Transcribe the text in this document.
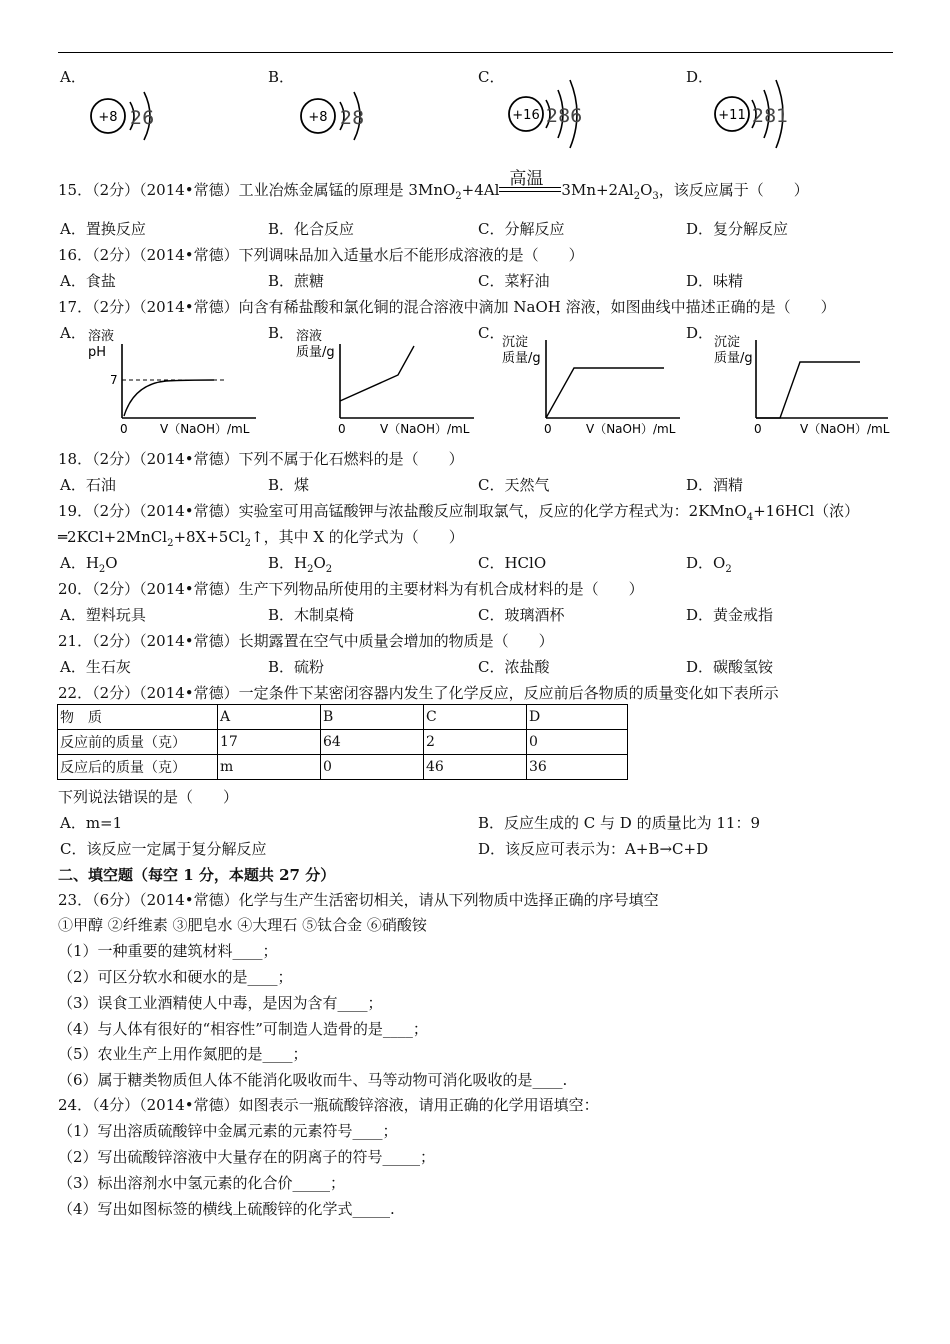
A．	B．	C．	D．
+8 26	+8 28	+16 286	+11 281
15．（2分）（2014•常德）工业冶炼金属锰的原理是 3MnO$_2$+4Al
高温
$3Mn+2Al_2O_3$，该反应属于（　　）
A．置换反应	B．化合反应	C．分解反应	D．复分解反应
16．（2分）（2014•常德）下列调味品加入适量水后不能形成溶液的是（　　）
A．食盐	B．蔗糖	C．菜籽油	D．味精
17．（2分）（2014•常德）向含有稀盐酸和氯化铜的混合溶液中滴加 NaOH 溶液，如图曲线中描述正确的是（　　）
A．	B．	C．	D．
溶液
pH
7
0	V（NaOH）/mL
溶液
质量/g
0	V（NaOH）/mL
沉淀
质量/g
0	V（NaOH）/mL
沉淀
质量/g
0	V（NaOH）/mL
18．（2分）（2014•常德）下列不属于化石燃料的是（　　）
A．石油	B．煤	C．天然气	D．酒精
19．（2分）（2014•常德）实验室可用高锰酸钾与浓盐酸反应制取氯气，反应的化学方程式为：2KMnO$_4$+16HCl（浓）
$═2KCl+2MnCl_2+8X+5Cl_2↑$，其中 X 的化学式为（　　）
A．$H_2O$	B．$H_2O_2$	C．HClO	D．$O_2$
20．（2分）（2014•常德）生产下列物品所使用的主要材料为有机合成材料的是（　　）
A．塑料玩具	B．木制桌椅	C．玻璃酒杯	D．黄金戒指
21．（2分）（2014•常德）长期露置在空气中质量会增加的物质是（　　）
A．生石灰	B．硫粉	C．浓盐酸	D．碳酸氢铵
22．（2分）（2014•常德）一定条件下某密闭容器内发生了化学反应，反应前后各物质的质量变化如下表所示
物　质	A	B	C	D
反应前的质量（克）	17	64	2	0
反应后的质量（克）	m	0	46	36
下列说法错误的是（　　）
A．m=1	B．反应生成的 C 与 D 的质量比为 11：9
C．该反应一定属于复分解反应	D．该反应可表示为：A+B→C+D
二、填空题（每空 1 分，本题共 27 分）
23．（6分）（2014•常德）化学与生产生活密切相关，请从下列物质中选择正确的序号填空
①甲醇 ②纤维素 ③肥皂水 ④大理石 ⑤钛合金 ⑥硝酸铵
（1）一种重要的建筑材料____；
（2）可区分软水和硬水的是____；
（3）误食工业酒精使人中毒，是因为含有____；
（4）与人体有很好的“相容性”可制造人造骨的是____；
（5）农业生产上用作氮肥的是____；
（6）属于糖类物质但人体不能消化吸收而牛、马等动物可消化吸收的是____.
24．（4分）（2014•常德）如图表示一瓶硫酸锌溶液，请用正确的化学用语填空：
（1）写出溶质硫酸锌中金属元素的元素符号____；
（2）写出硫酸锌溶液中大量存在的阴离子的符号_____；
（3）标出溶剂水中氢元素的化合价_____；
（4）写出如图标签的横线上硫酸锌的化学式_____.
